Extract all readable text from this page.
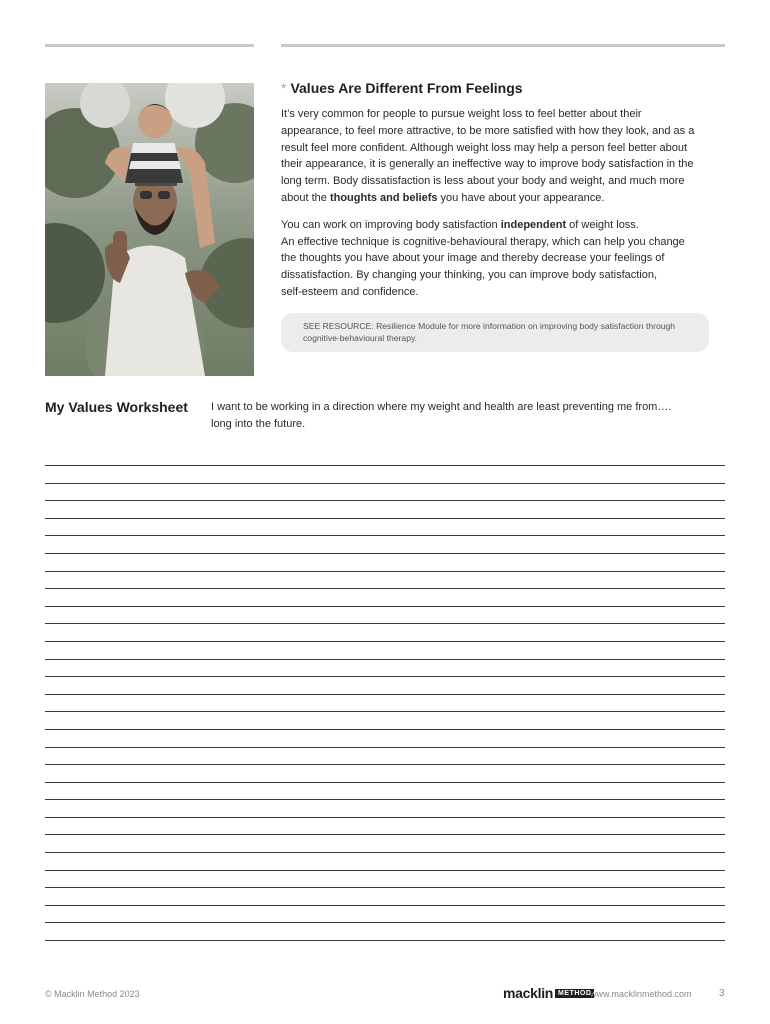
* Values Are Different From Feelings

It’s very common for people to pursue weight loss to feel better about their

appearance, to feel more attractive, to be more satisfied with how they look, and as a

result feel more confident. Although weight loss may help a person feel better about

their appearance, it is generally an ineffective way to improve body satisfaction in the

long term. Body dissatisfaction is less about your body and weight, and much more

about the thoughts and beliefs you have about your appearance.

You can work on improving body satisfaction independent of weight loss.

An effective technique is cognitive-behavioural therapy, which can help you change

the thoughts you have about your image and thereby decrease your feelings of

dissatisfaction. By changing your thinking, you can improve body satisfaction,

self-esteem and confidence.

SEE RESOURCE: Resilience Module for more information on improving body satisfaction through
cognitive-behavioural therapy.
My Values Worksheet I want to be working in a direction where my weight and health are least preventing me from….
long into the future.
© Macklin Method 2023	macklin METHOD
www.macklinmethod.com	3
